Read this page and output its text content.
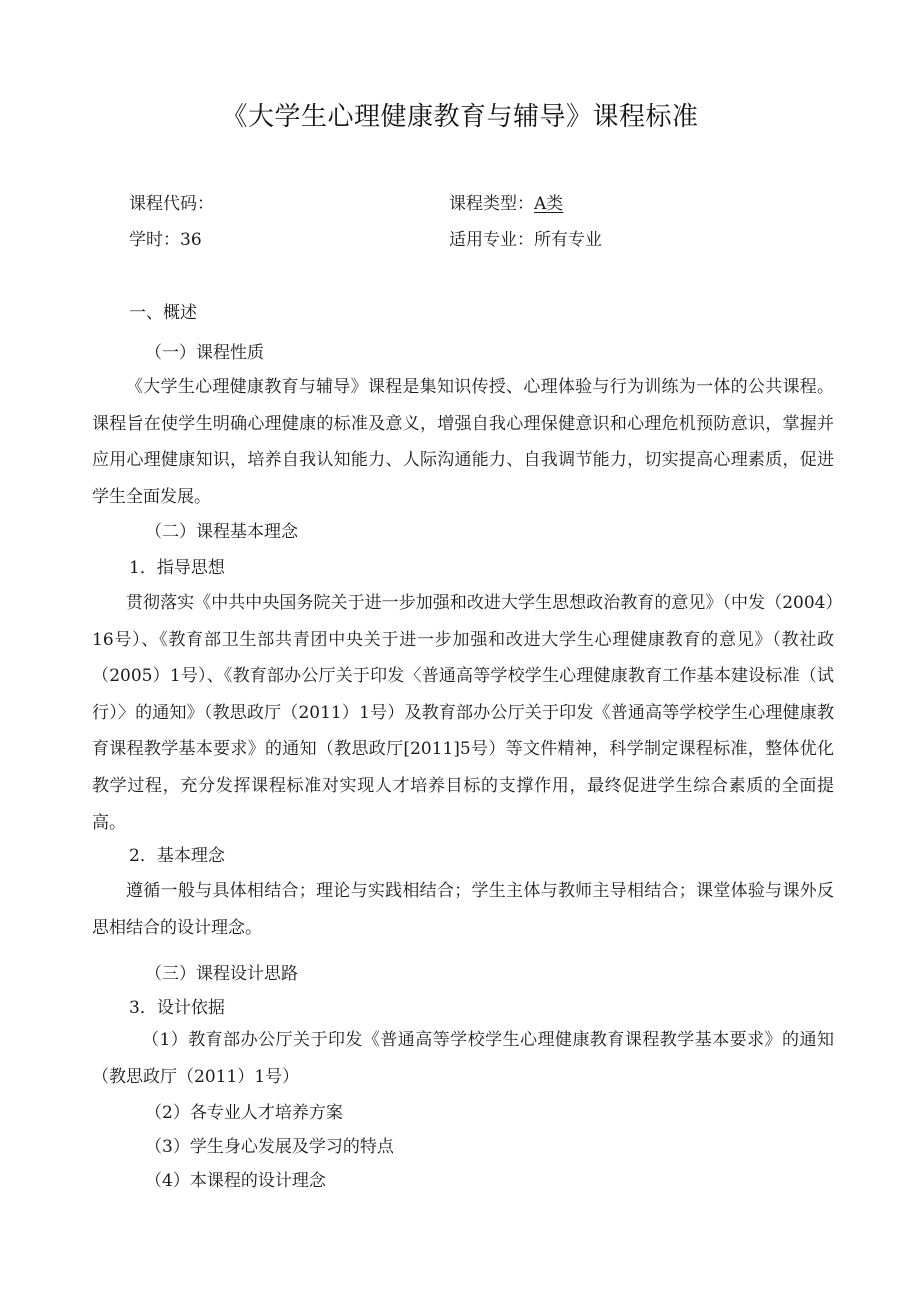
《大学生心理健康教育与辅导》课程标准
课程代码：	课程类型：A类
学时：36	适用专业：所有专业
一、概述
（一）课程性质
《大学生心理健康教育与辅导》课程是集知识传授、心理体验与行为训练为一体的公共课程。课程旨在使学生明确心理健康的标准及意义，增强自我心理保健意识和心理危机预防意识，掌握并应用心理健康知识，培养自我认知能力、人际沟通能力、自我调节能力，切实提高心理素质，促进学生全面发展。
（二）课程基本理念
1．指导思想
贯彻落实《中共中央国务院关于进一步加强和改进大学生思想政治教育的意见》（中发（2004）16号）、《教育部卫生部共青团中央关于进一步加强和改进大学生心理健康教育的意见》（教社政（2005）1号）、《教育部办公厅关于印发〈普通高等学校学生心理健康教育工作基本建设标准（试行）〉的通知》（教思政厅（2011）1号）及教育部办公厅关于印发《普通高等学校学生心理健康教育课程教学基本要求》的通知（教思政厅[2011]5号）等文件精神，科学制定课程标准，整体优化教学过程，充分发挥课程标准对实现人才培养目标的支撑作用，最终促进学生综合素质的全面提高。
2．基本理念
遵循一般与具体相结合；理论与实践相结合；学生主体与教师主导相结合；课堂体验与课外反思相结合的设计理念。
（三）课程设计思路
3．设计依据
（1）教育部办公厅关于印发《普通高等学校学生心理健康教育课程教学基本要求》的通知（教思政厅（2011）1号）
（2）各专业人才培养方案
（3）学生身心发展及学习的特点
（4）本课程的设计理念
